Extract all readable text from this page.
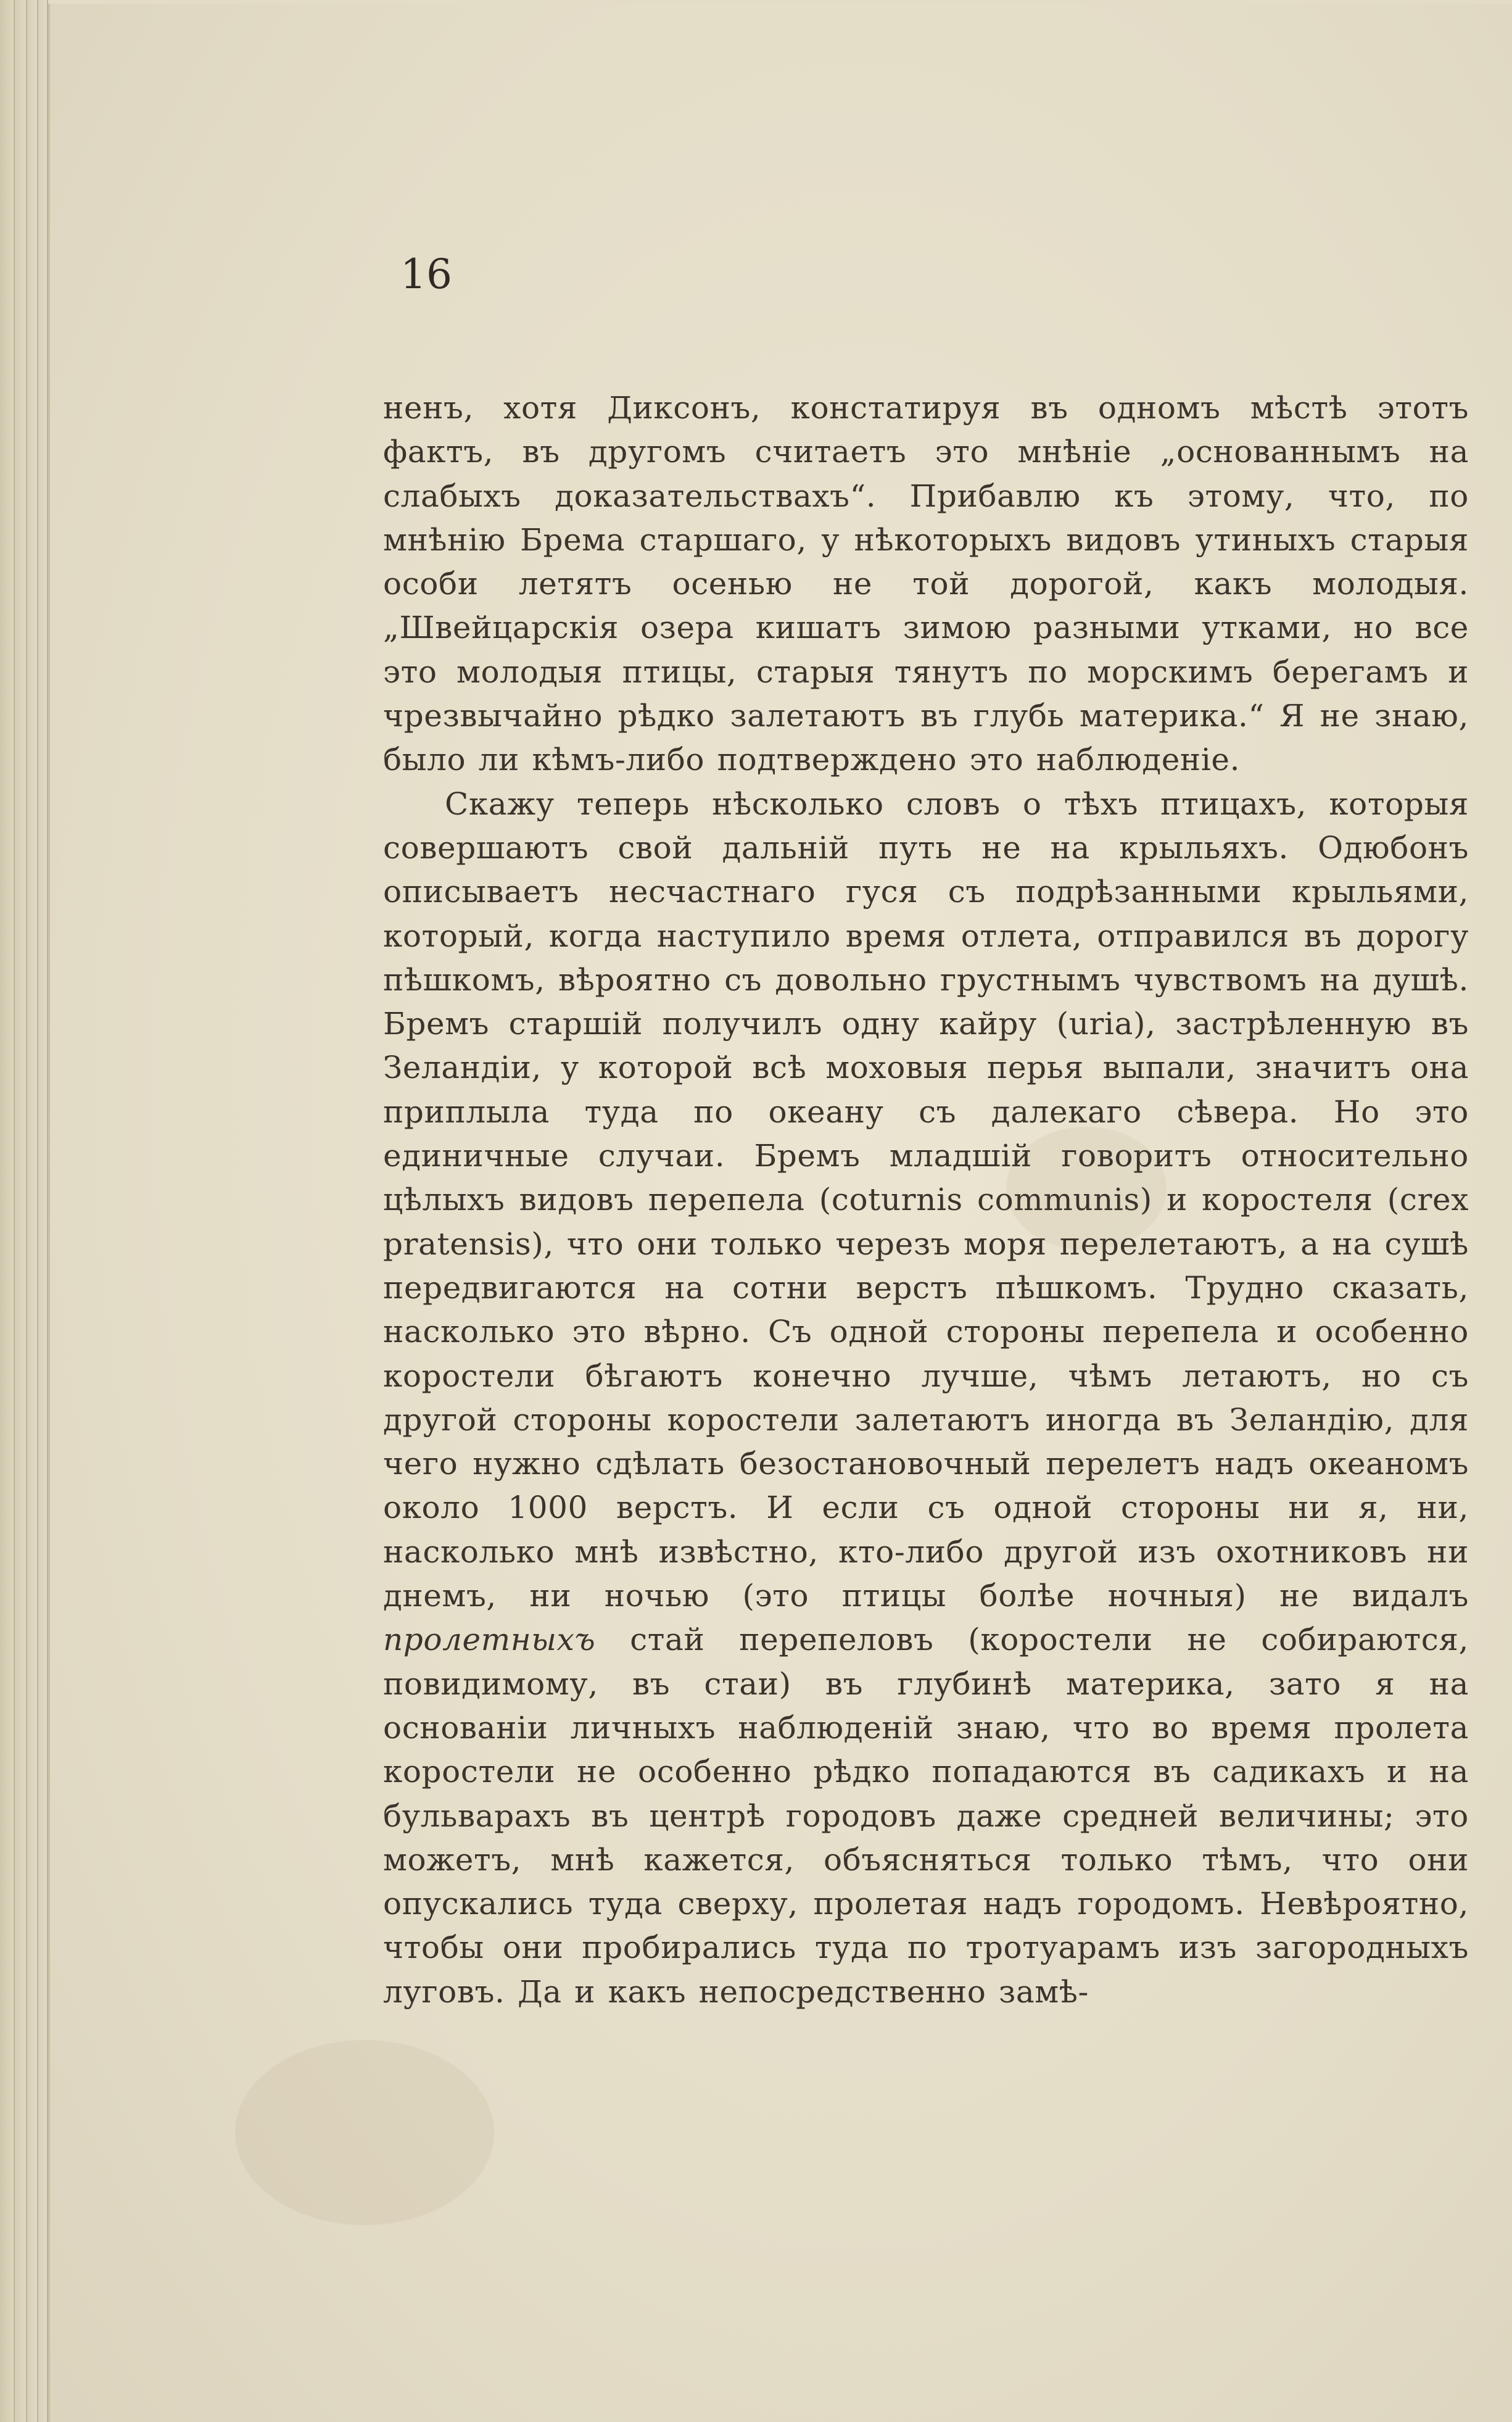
16

ненъ, хотя Диксонъ, констатируя въ одномъ мѣстѣ этотъ фактъ, въ другомъ считаетъ это мнѣніе „основаннымъ на слабыхъ доказательствахъ“. Прибавлю къ этому, что, по мнѣнію Брема старшаго, у нѣкоторыхъ видовъ утиныхъ старыя особи летятъ осенью не той дорогой, какъ молодыя. „Швейцарскія озера кишатъ зимою разными утками, но все это молодыя птицы, старыя тянутъ по морскимъ берегамъ и чрезвычайно рѣдко залетаютъ въ глубь материка.“ Я не знаю, было ли кѣмъ-либо подтверждено это наблюденіе.

Скажу теперь нѣсколько словъ о тѣхъ птицахъ, которыя совершаютъ свой дальній путь не на крыльяхъ. Одюбонъ описываетъ несчастнаго гуся съ подрѣзанными крыльями, который, когда наступило время отлета, отправился въ дорогу пѣшкомъ, вѣроятно съ довольно грустнымъ чувствомъ на душѣ. Бремъ старшій получилъ одну кайру (uria), застрѣленную въ Зеландіи, у которой всѣ моховыя перья выпали, значитъ она приплыла туда по океану съ далекаго сѣвера. Но это единичные случаи. Бремъ младшій говоритъ относительно цѣлыхъ видовъ перепела (coturnis communis) и коростеля (crex pratensis), что они только черезъ моря перелетаютъ, а на сушѣ передвигаются на сотни верстъ пѣшкомъ. Трудно сказать, насколько это вѣрно. Съ одной стороны перепела и особенно коростели бѣгаютъ конечно лучше, чѣмъ летаютъ, но съ другой стороны коростели залетаютъ иногда въ Зеландію, для чего нужно сдѣлать безостановочный перелетъ надъ океаномъ около 1000 верстъ. И если съ одной стороны ни я, ни, насколько мнѣ извѣстно, кто-либо другой изъ охотниковъ ни днемъ, ни ночью (это птицы болѣе ночныя) не видалъ пролетныхъ стай перепеловъ (коростели не собираются, повидимому, въ стаи) въ глубинѣ материка, зато я на основаніи личныхъ наблюденій знаю, что во время пролета коростели не особенно рѣдко попадаются въ садикахъ и на бульварахъ въ центрѣ городовъ даже средней величины; это можетъ, мнѣ кажется, объясняться только тѣмъ, что они опускались туда сверху, пролетая надъ городомъ. Невѣроятно, чтобы они пробирались туда по тротуарамъ изъ загородныхъ луговъ. Да и какъ непосредственно замѣ-
